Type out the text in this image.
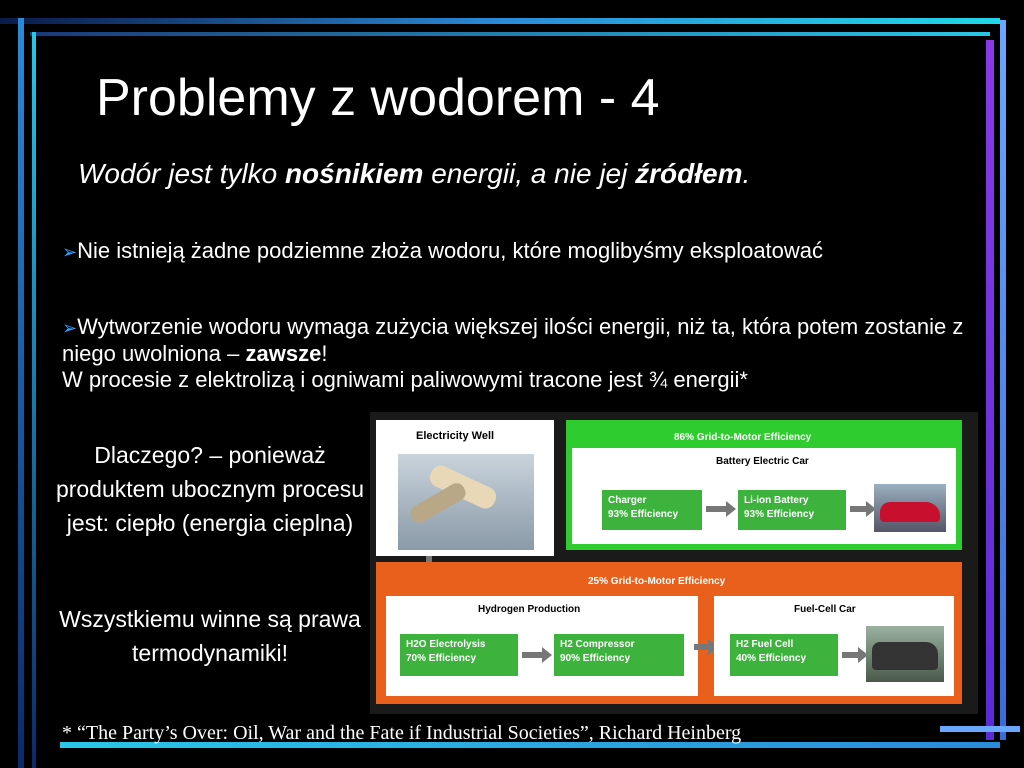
Problemy z wodorem - 4
Wodór jest tylko nośnikiem energii, a nie jej źródłem.
➢Nie istnieją żadne podziemne złoża wodoru, które moglibyśmy eksploatować
➢Wytworzenie wodoru wymaga zużycia większej ilości energii, niż ta, która potem zostanie z niego uwolniona – zawsze!
W procesie z elektrolizą i ogniwami paliwowymi tracone jest ¾ energii*
Dlaczego? – ponieważ produktem ubocznym procesu jest: ciepło (energia cieplna)
Wszystkiemu winne są prawa termodynamiki!
Electricity Well	86% Grid-to-Motor Efficiency
Battery Electric Car
Charger
93% Efficiency
Li-ion Battery
93% Efficiency
25% Grid-to-Motor Efficiency
Hydrogen Production
H2O Electrolysis
70% Efficiency
H2 Compressor
90% Efficiency
Fuel-Cell Car
H2 Fuel Cell
40% Efficiency
* “The Party’s Over: Oil, War and the Fate if Industrial Societies”, Richard Heinberg
